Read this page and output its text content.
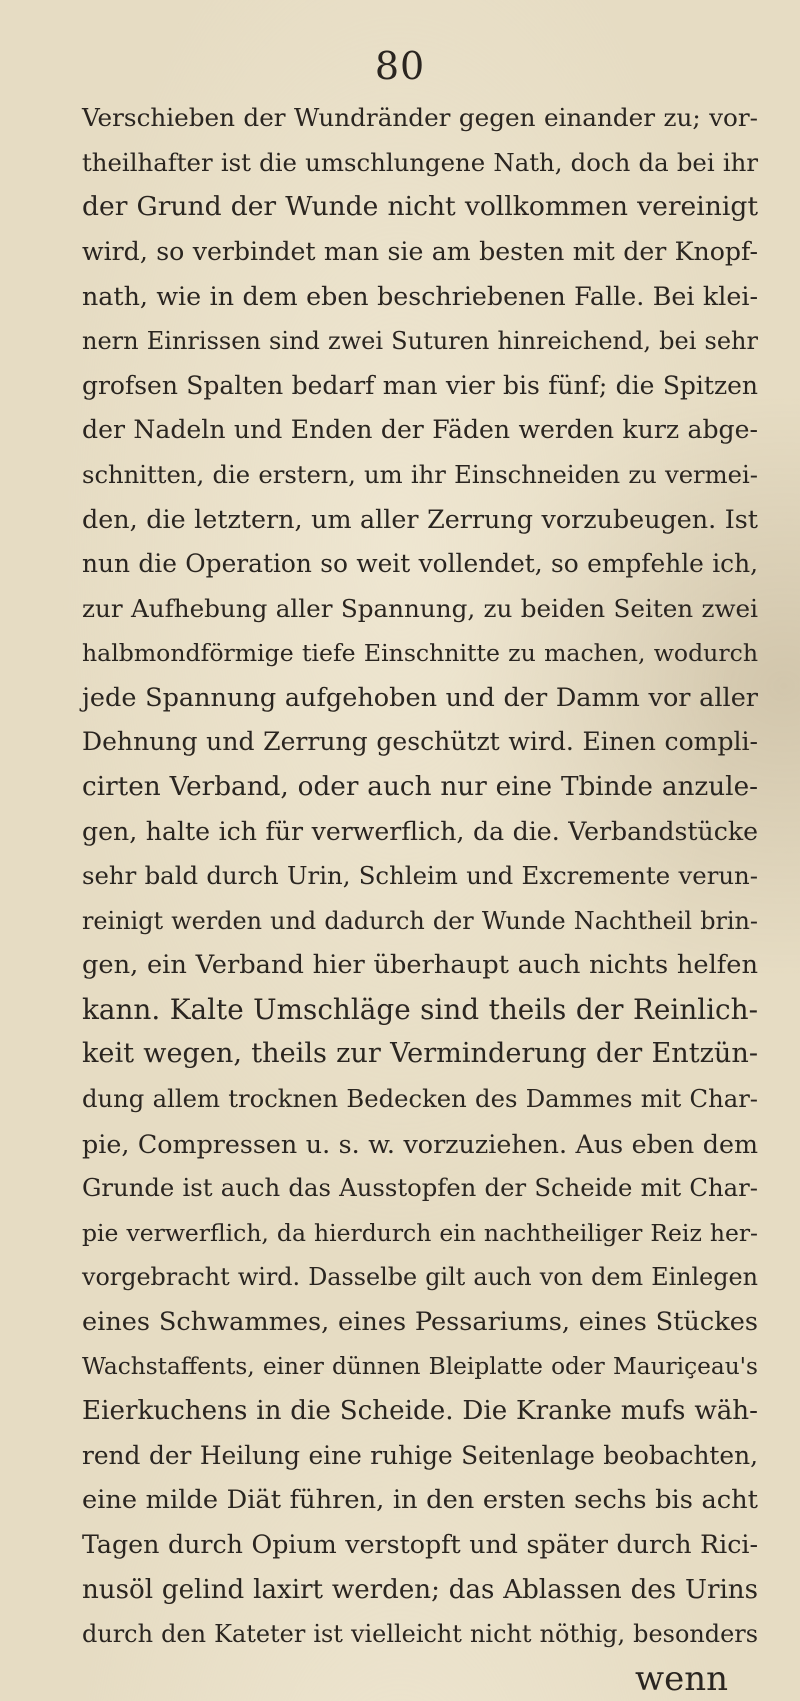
80
Verschieben der Wundränder gegen einander zu; vor-
theilhafter ist die umschlungene Nath, doch da bei ihr
der Grund der Wunde nicht vollkommen vereinigt
wird, so verbindet man sie am besten mit der Knopf-
nath, wie in dem eben beschriebenen Falle. Bei klei-
nern Einrissen sind zwei Suturen hinreichend, bei sehr
grofsen Spalten bedarf man vier bis fünf; die Spitzen
der Nadeln und Enden der Fäden werden kurz abge-
schnitten, die erstern, um ihr Einschneiden zu vermei-
den, die letztern, um aller Zerrung vorzubeugen. Ist
nun die Operation so weit vollendet, so empfehle ich,
zur Aufhebung aller Spannung, zu beiden Seiten zwei
halbmondförmige tiefe Einschnitte zu machen, wodurch
jede Spannung aufgehoben und der Damm vor aller
Dehnung und Zerrung geschützt wird. Einen compli-
cirten Verband, oder auch nur eine Tbinde anzule-
gen, halte ich für verwerflich, da die. Verbandstücke
sehr bald durch Urin, Schleim und Excremente verun-
reinigt werden und dadurch der Wunde Nachtheil brin-
gen, ein Verband hier überhaupt auch nichts helfen
kann. Kalte Umschläge sind theils der Reinlich-
keit wegen, theils zur Verminderung der Entzün-
dung allem trocknen Bedecken des Dammes mit Char-
pie, Compressen u. s. w. vorzuziehen. Aus eben dem
Grunde ist auch das Ausstopfen der Scheide mit Char-
pie verwerflich, da hierdurch ein nachtheiliger Reiz her-
vorgebracht wird. Dasselbe gilt auch von dem Einlegen
eines Schwammes, eines Pessariums, eines Stückes
Wachstaffents, einer dünnen Bleiplatte oder Mauriçeau's
Eierkuchens in die Scheide. Die Kranke mufs wäh-
rend der Heilung eine ruhige Seitenlage beobachten,
eine milde Diät führen, in den ersten sechs bis acht
Tagen durch Opium verstopft und später durch Rici-
nusöl gelind laxirt werden; das Ablassen des Urins
durch den Kateter ist vielleicht nicht nöthig, besonders
wenn
